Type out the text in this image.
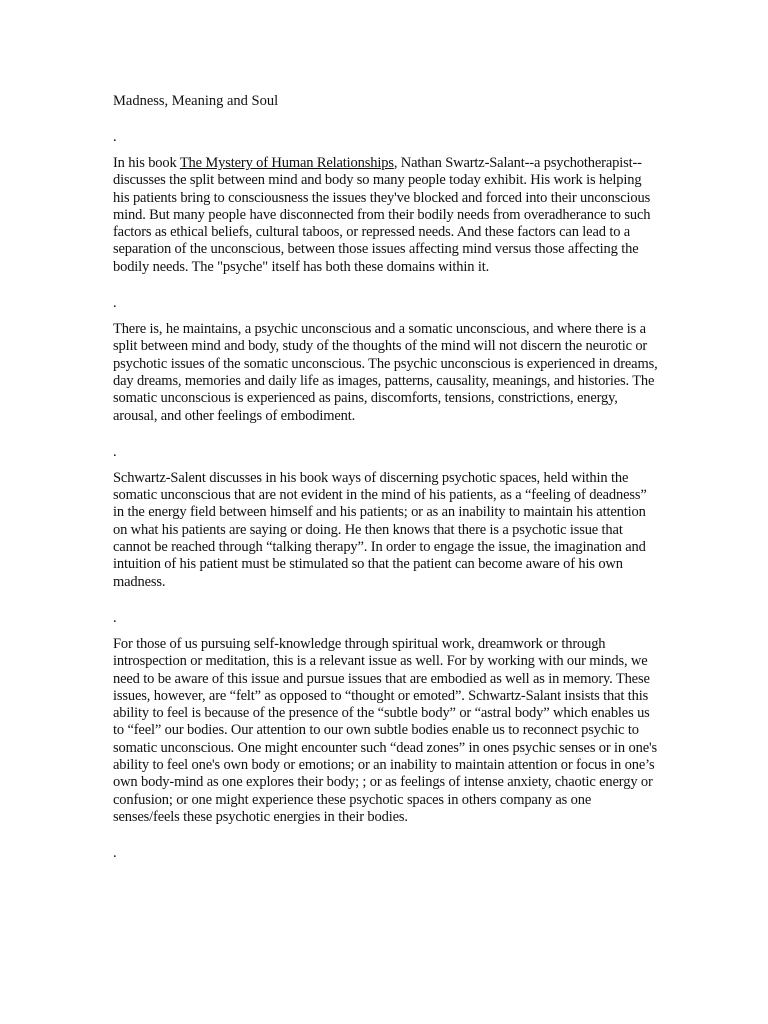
Madness, Meaning and Soul

.

In his book The Mystery of Human Relationships, Nathan Swartz-Salant--a psychotherapist--discusses the split between mind and body so many people today exhibit. His work is helping his patients bring to consciousness the issues they've blocked and forced into their unconscious mind. But many people have disconnected from their bodily needs from overadherance to such factors as ethical beliefs, cultural taboos, or repressed needs. And these factors can lead to a separation of the unconscious, between those issues affecting mind versus those affecting the bodily needs. The "psyche" itself has both these domains within it.

.

There is, he maintains, a psychic unconscious and a somatic unconscious, and where there is a split between mind and body, study of the thoughts of the mind will not discern the neurotic or psychotic issues of the somatic unconscious. The psychic unconscious is experienced in dreams, day dreams, memories and daily life as images, patterns, causality, meanings, and histories. The somatic unconscious is experienced as pains, discomforts, tensions, constrictions, energy, arousal, and other feelings of embodiment.

.

Schwartz-Salent discusses in his book ways of discerning psychotic spaces, held within the somatic unconscious that are not evident in the mind of his patients, as a “feeling of deadness” in the energy field between himself and his patients; or as an inability to maintain his attention on what his patients are saying or doing. He then knows that there is a psychotic issue that cannot be reached through “talking therapy”. In order to engage the issue, the imagination and intuition of his patient must be stimulated so that the patient can become aware of his own madness.

.

For those of us pursuing self-knowledge through spiritual work, dreamwork or through introspection or meditation, this is a relevant issue as well. For by working with our minds, we need to be aware of this issue and pursue issues that are embodied as well as in memory. These issues, however, are “felt” as opposed to “thought or emoted”. Schwartz-Salant insists that this ability to feel is because of the presence of the “subtle body” or “astral body” which enables us to “feel” our bodies. Our attention to our own subtle bodies enable us to reconnect psychic to somatic unconscious. One might encounter such “dead zones” in ones psychic senses or in one's ability to feel one's own body or emotions; or an inability to maintain attention or focus in one’s own body-mind as one explores their body; ; or as feelings of intense anxiety, chaotic energy or confusion; or one might experience these psychotic spaces in others company as one senses/feels these psychotic energies in their bodies.

.
